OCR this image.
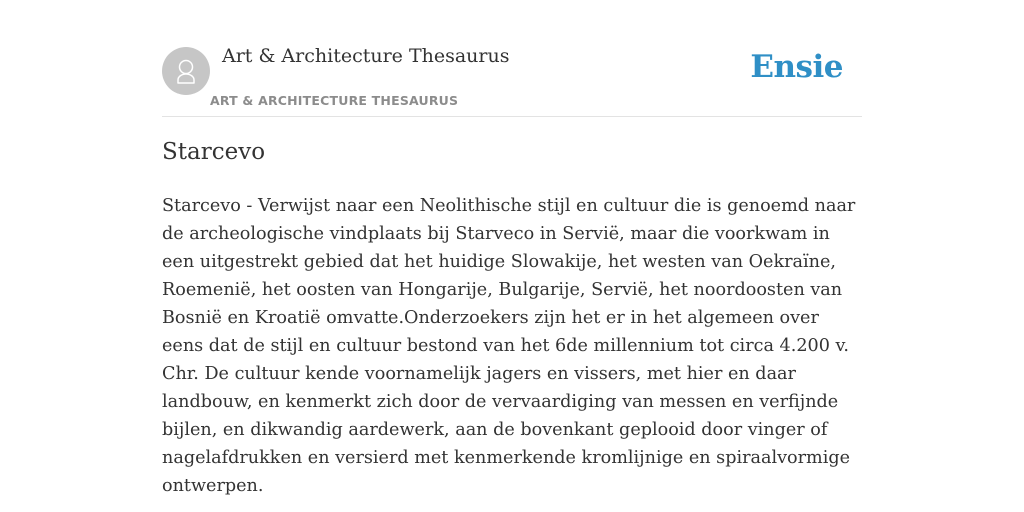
Art & Architecture Thesaurus
ART & ARCHITECTURE THESAURUS
Ensie
Starcevo

Starcevo - Verwijst naar een Neolithische stijl en cultuur die is genoemd naar de archeologische vindplaats bij Starveco in Servië, maar die voorkwam in een uitgestrekt gebied dat het huidige Slowakije, het westen van Oekraïne, Roemenië, het oosten van Hongarije, Bulgarije, Servië, het noordoosten van Bosnië en Kroatië omvatte.Onderzoekers zijn het er in het algemeen over eens dat de stijl en cultuur bestond van het 6de millennium tot circa 4.200 v. Chr. De cultuur kende voornamelijk jagers en vissers, met hier en daar landbouw, en kenmerkt zich door de vervaardiging van messen en verfijnde bijlen, en dikwandig aardewerk, aan de bovenkant geplooid door vinger of nagelafdrukken en versierd met kenmerkende kromlijnige en spiraalvormige ontwerpen.
